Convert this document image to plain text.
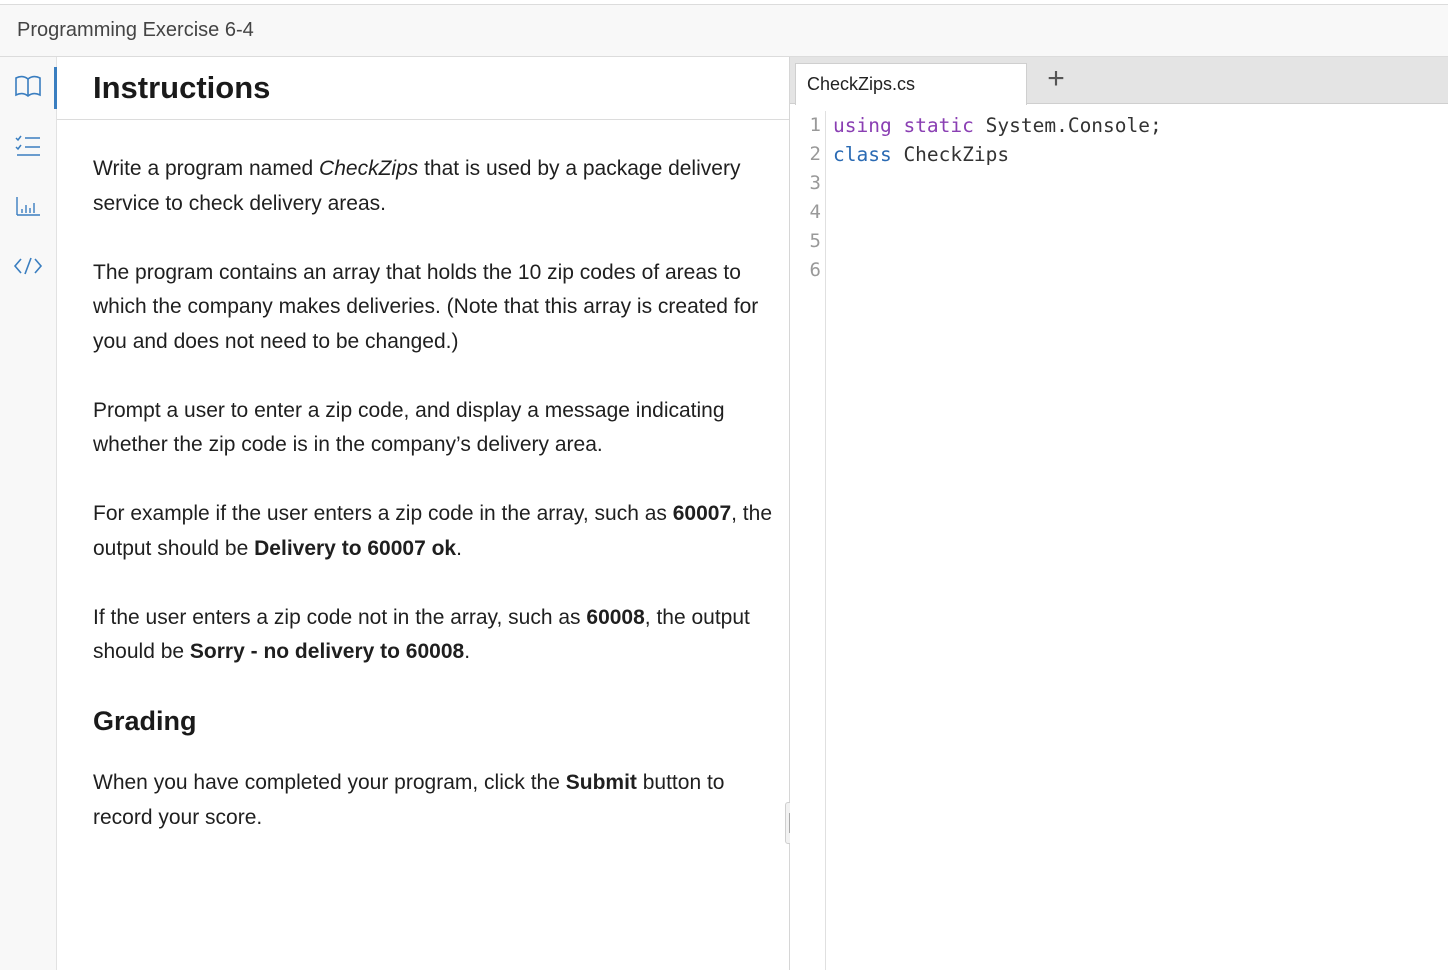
Programming Exercise 6-4
Instructions

Write a program named CheckZips that is used by a package delivery service to check delivery areas.

The program contains an array that holds the 10 zip codes of areas to which the company makes deliveries. (Note that this array is created for you and does not need to be changed.)

Prompt a user to enter a zip code, and display a message indicating whether the zip code is in the company’s delivery area.

For example if the user enters a zip code in the array, such as 60007, the output should be Delivery to 60007 ok.

If the user enters a zip code not in the array, such as 60008, the output should be Sorry - no delivery to 60008.

Grading

When you have completed your program, click the Submit button to record your score.

CheckZips.cs	+
1
2
3
4
5
6
using static System.Console;
class CheckZips
